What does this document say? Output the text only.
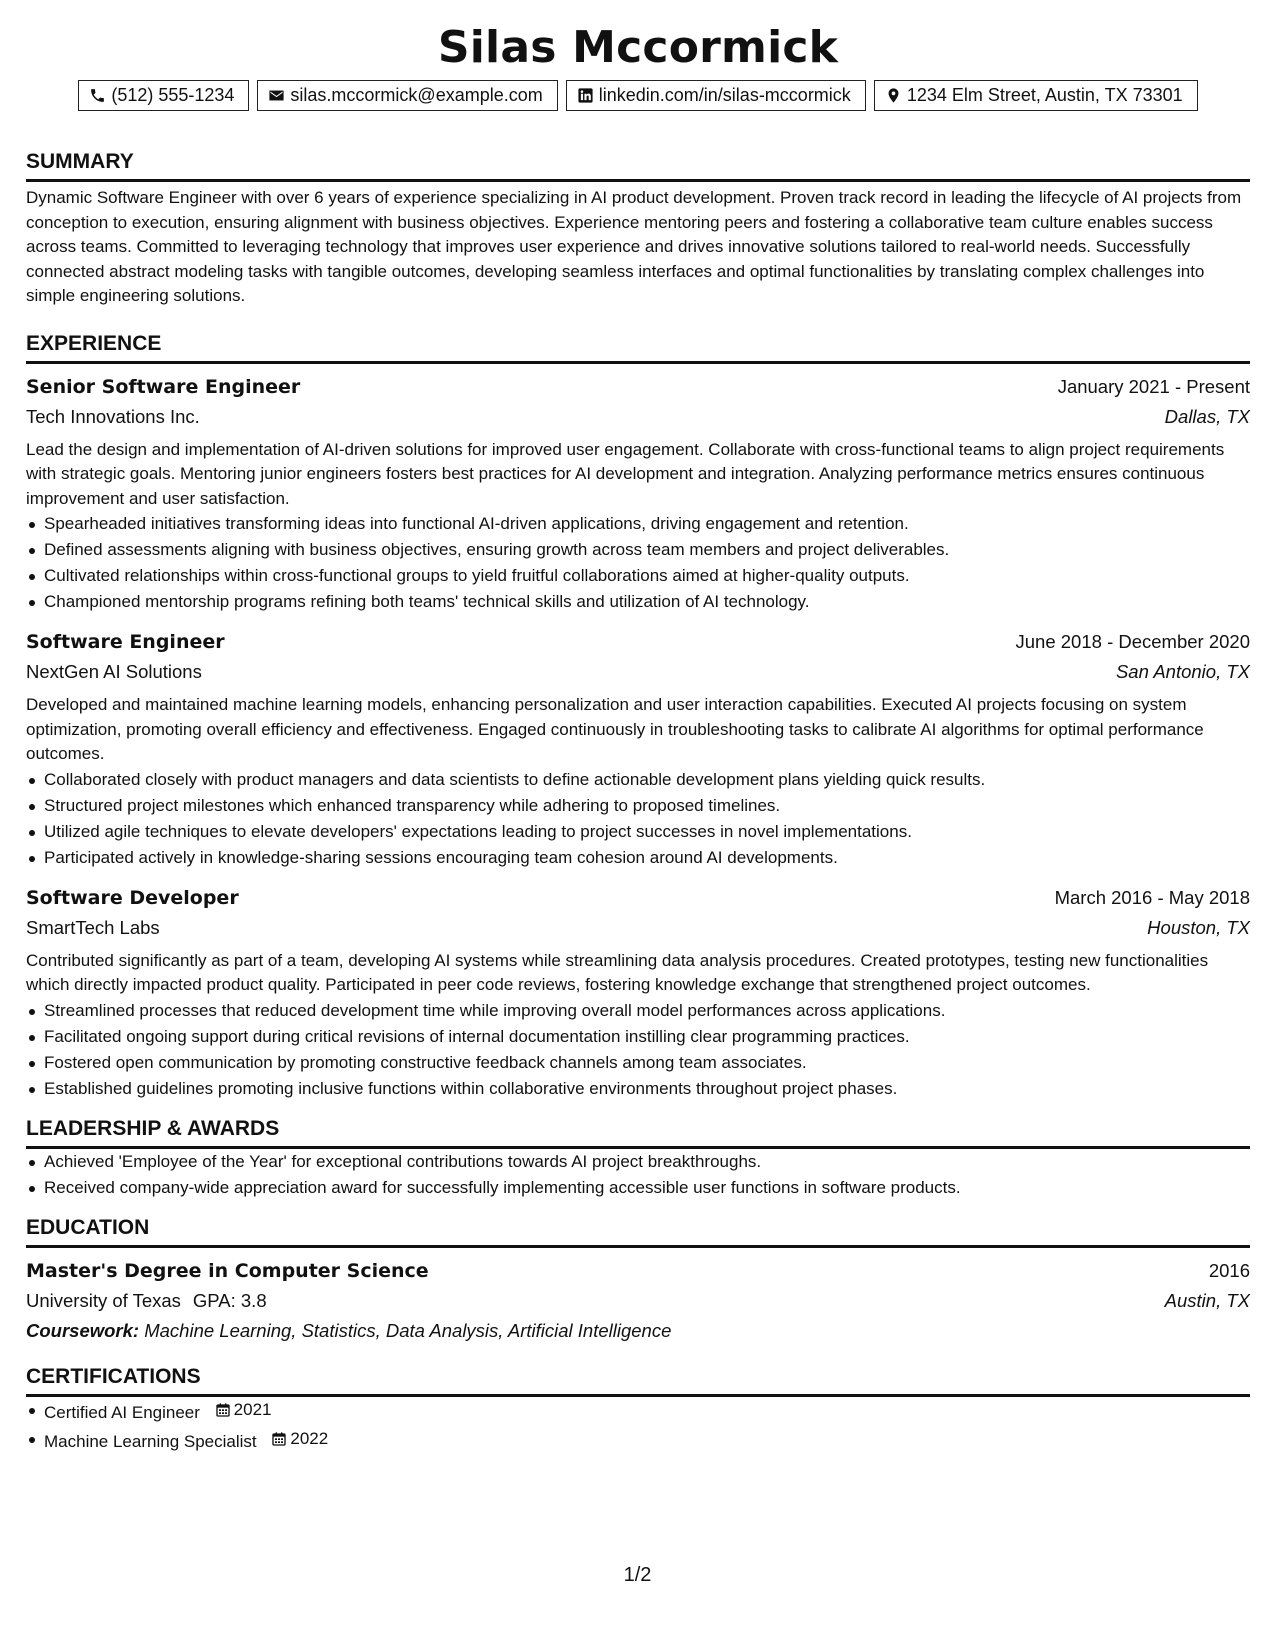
Silas Mccormick
(512) 555-1234	silas.mccormick@example.com	linkedin.com/in/silas-mccormick	1234 Elm Street, Austin, TX 73301
SUMMARY

Dynamic Software Engineer with over 6 years of experience specializing in AI product development. Proven track record in leading the lifecycle of AI projects from conception to execution, ensuring alignment with business objectives. Experience mentoring peers and fostering a collaborative team culture enables success across teams. Committed to leveraging technology that improves user experience and drives innovative solutions tailored to real-world needs. Successfully connected abstract modeling tasks with tangible outcomes, developing seamless interfaces and optimal functionalities by translating complex challenges into simple engineering solutions.

EXPERIENCE
Senior Software Engineer	January 2021 - Present
Tech Innovations Inc.	Dallas, TX

Lead the design and implementation of AI-driven solutions for improved user engagement. Collaborate with cross-functional teams to align project requirements with strategic goals. Mentoring junior engineers fosters best practices for AI development and integration. Analyzing performance metrics ensures continuous improvement and user satisfaction.

Spearheaded initiatives transforming ideas into functional AI-driven applications, driving engagement and retention.
Defined assessments aligning with business objectives, ensuring growth across team members and project deliverables.
Cultivated relationships within cross-functional groups to yield fruitful collaborations aimed at higher-quality outputs.
Championed mentorship programs refining both teams' technical skills and utilization of AI technology.
Software Engineer	June 2018 - December 2020
NextGen AI Solutions	San Antonio, TX

Developed and maintained machine learning models, enhancing personalization and user interaction capabilities. Executed AI projects focusing on system optimization, promoting overall efficiency and effectiveness. Engaged continuously in troubleshooting tasks to calibrate AI algorithms for optimal performance outcomes.

Collaborated closely with product managers and data scientists to define actionable development plans yielding quick results.
Structured project milestones which enhanced transparency while adhering to proposed timelines.
Utilized agile techniques to elevate developers' expectations leading to project successes in novel implementations.
Participated actively in knowledge-sharing sessions encouraging team cohesion around AI developments.
Software Developer	March 2016 - May 2018
SmartTech Labs	Houston, TX

Contributed significantly as part of a team, developing AI systems while streamlining data analysis procedures. Created prototypes, testing new functionalities which directly impacted product quality. Participated in peer code reviews, fostering knowledge exchange that strengthened project outcomes.

Streamlined processes that reduced development time while improving overall model performances across applications.
Facilitated ongoing support during critical revisions of internal documentation instilling clear programming practices.
Fostered open communication by promoting constructive feedback channels among team associates.
Established guidelines promoting inclusive functions within collaborative environments throughout project phases.
LEADERSHIP & AWARDS
Achieved 'Employee of the Year' for exceptional contributions towards AI project breakthroughs.
Received company-wide appreciation award for successfully implementing accessible user functions in software products.
EDUCATION
Master's Degree in Computer Science	2016
University of Texas GPA: 3.8	Austin, TX
Coursework: Machine Learning, Statistics, Data Analysis, Artificial Intelligence
CERTIFICATIONS
Certified AI Engineer 2021
Machine Learning Specialist 2022
1/2
